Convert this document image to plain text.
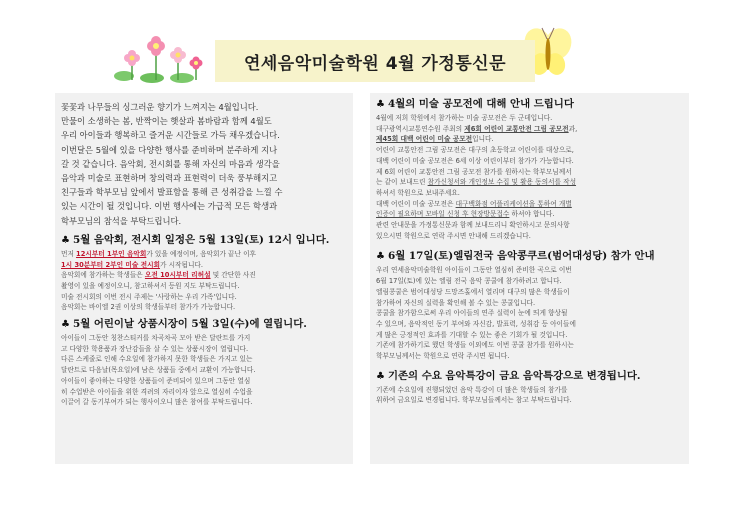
연세음악미술학원 4월 가정통신문

꽃꽃과 나무들의 싱그러운 향기가 느껴지는 4월입니다.

만물이 소생하는 봄, 반짝이는 햇살과 봄바람과 함께 4월도

우리 아이들과 행복하고 즐거운 시간들로 가득 채우겠습니다.

이번달은 5월에 있을 다양한 행사를 준비하며 분주하게 지나

갈 것 같습니다. 음악회, 전시회를 통해 자신의 마음과 생각을

음악과 미술로 표현하며 창의력과 표현력이 더욱 풍부해지고

친구들과 학부모님 앞에서 발표함을 통해 큰 성취감을 느낄 수

있는 시간이 될 것입니다. 이번 행사에는 가급적 모든 학생과

학부모님의 참석을 부탁드립니다.

♣ 5월 음악회, 전시회 일정은 5월 13일(토) 12시 입니다.

먼저 12시부터 1부인 음악회가 있을 예정이며, 음악회가 끝난 이후

1시 30분부터 2부인 미술 전시회가 시작됩니다.

음악회에 참가하는 학생들은 오전 10시부터 리허설 및 간단한 사진

촬영이 있을 예정이오니, 참고하셔서 등원 지도 부탁드립니다.

미술 전시회의 이번 전시 주제는 '사랑하는 우리 가족'입니다.

음악회는 바이엘 2권 이상의 학생들부터 참가가 가능합니다.

♣ 5월 어린이날 상품시장이 5월 3일(수)에 열립니다.

아이들이 그동안 칭찬스티커를 차곡차곡 모아 받은 달란트를 가지

고 다양한 학용품과 장난감들을 살 수 있는 상품시장이 열립니다.

다른 스케줄로 인해 수요일에 참가하지 못한 학생들은 가지고 있는

달란트로 다음날(목요일)에 남은 상품들 중에서 교환이 가능합니다.

아이들이 좋아하는 다양한 상품들이 준비되어 있으며 그동안 열심

히 수업받은 아이들을 위한 격려의 자리이자 앞으로 열심히 수업을

이끌어 갈 동기부여가 되는 행사이오니 많은 참여를 부탁드립니다.

♣ 4월의 미술 공모전에 대해 안내 드립니다

4월에 저희 학원에서 참가하는 미술 공모전은 두 군데입니다.

대구광역시교통연수원 주최의 제6회 어린이 교통안전 그림 공모전과,

제45회 대백 어린이 미술 공모전입니다.

어린이 교통안전 그림 공모전은 대구의 초등학교 어린이를 대상으로,

대백 어린이 미술 공모전은 6세 이상 어린이부터 참가가 가능합니다.

제 6회 어린이 교통안전 그림 공모전 참가를 원하시는 학부모님께서

는 같이 보내드린 참가신청서와 개인정보 수집 및 활용 동의서를 작성

하셔서 학원으로 보내주세요.

대백 어린이 미술 공모전은 대구백화점 어플리케이션을 통하여 개별

인증이 필요하며 모바일 신청 후 현장방문접수 하셔야 합니다.

관련 안내문을 가정통신문과 함께 보내드리니 확인하시고 문의사항

있으시면 학원으로 연락 주시면 안내해 드리겠습니다.

♣ 6월 17일(토)엘림전국 음악콩쿠르(범어대성당) 참가 안내

우리 연세음악미술학원 아이들이 그동안 열심히 준비한 곡으로 이번

6월 17일(토)에 있는 엘림 전국 음악 콩쿨에 참가하려고 합니다.

엘림콩쿨은 범어대성당 드망즈홀에서 열리며 대구의 많은 학생들이

참가하여 자신의 실력을 확인해 볼 수 있는 콩쿨입니다.

콩쿨을 참가함으로써 우리 아이들의 연주 실력이 눈에 띄게 향상될

수 있으며, 음악적인 동기 부여와 자신감, 발표력, 성취감 등 아이들에

게 많은 긍정적인 효과를 기대할 수 있는 좋은 기회가 될 것입니다.

기존에 참가하기로 했던 학생들 이외에도 이번 콩쿨 참가를 원하시는

학부모님께서는 학원으로 연락 주시면 됩니다.

♣ 기존의 수요 음악특강이 금요 음악특강으로 변경됩니다.

기존에 수요일에 진행되었던 음악 특강이 더 많은 학생들의 참가를

위하여 금요일로 변경됩니다. 학부모님들께서는 참고 부탁드립니다.
